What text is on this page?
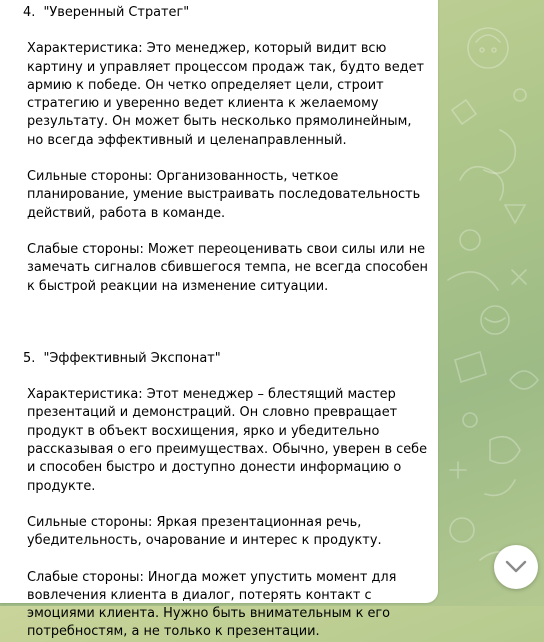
4.  "Уверенный Стратег"
Характеристика: Это менеджер, который видит всю картину и управляет процессом продаж так, будто ведет армию к победе. Он четко определяет цели, строит стратегию и уверенно ведет клиента к желаемому результату. Он может быть несколько прямолинейным, но всегда эффективный и целенаправленный.
Сильные стороны: Организованность, четкое планирование, умение выстраивать последовательность действий, работа в команде.
Слабые стороны: Может переоценивать свои силы или не замечать сигналов сбившегося темпа, не всегда способен к быстрой реакции на изменение ситуации.
5.  "Эффективный Экспонат"
Характеристика: Этот менеджер – блестящий мастер презентаций и демонстраций. Он словно превращает продукт в объект восхищения, ярко и убедительно рассказывая о его преимуществах. Обычно, уверен в себе и способен быстро и доступно донести информацию о продукте.
Сильные стороны: Яркая презентационная речь, убедительность, очарование и интерес к продукту.
Слабые стороны: Иногда может упустить момент для вовлечения клиента в диалог, потерять контакт с эмоциями клиента. Нужно быть внимательным к его потребностям, а не только к презентации.
